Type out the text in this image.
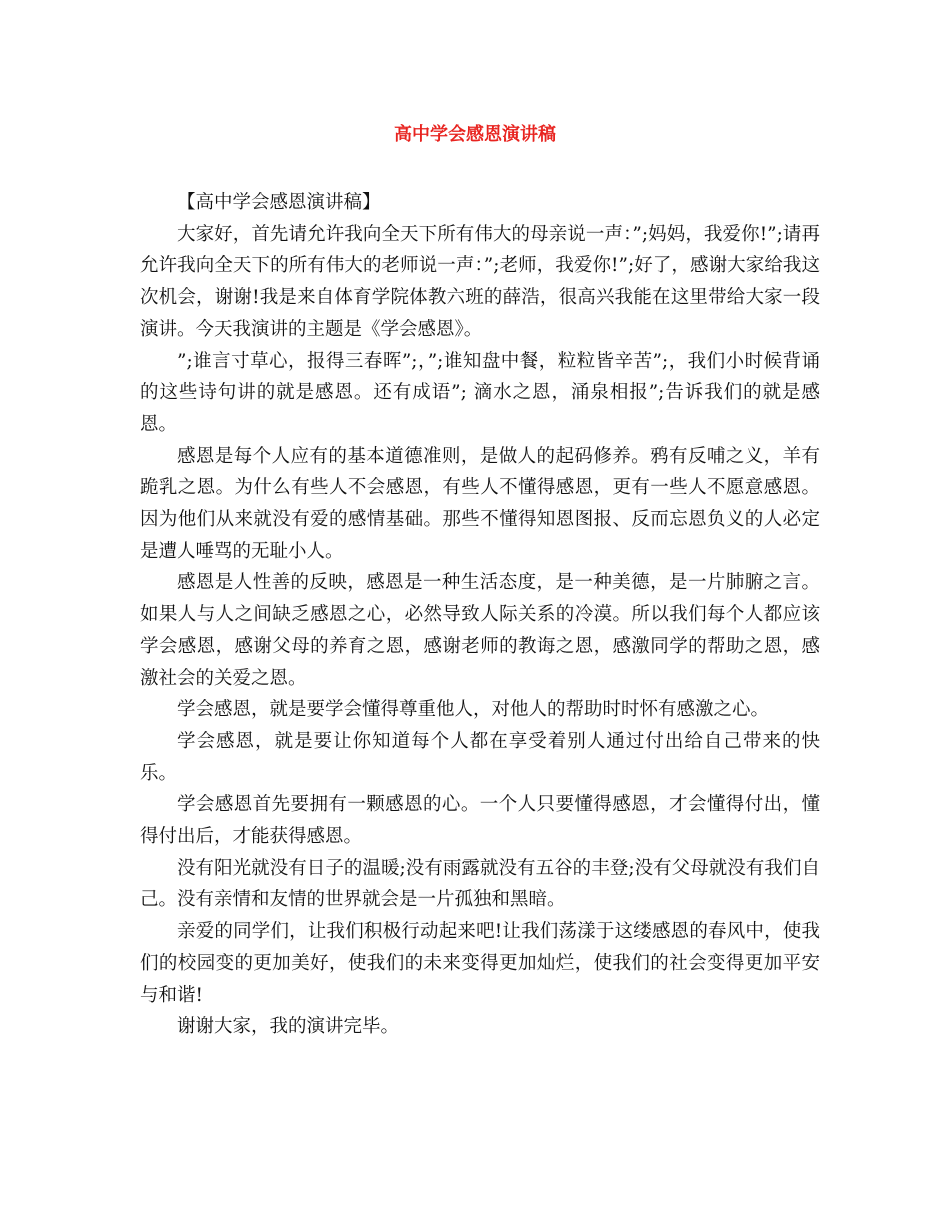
高中学会感恩演讲稿

【高中学会感恩演讲稿】

大家好，首先请允许我向全天下所有伟大的母亲说一声：”;妈妈，我爱你!”;请再允许我向全天下的所有伟大的老师说一声：”;老师，我爱你!”;好了，感谢大家给我这次机会，谢谢!我是来自体育学院体教六班的薛浩，很高兴我能在这里带给大家一段演讲。今天我演讲的主题是《学会感恩》。

”;谁言寸草心，报得三春晖”;，”;谁知盘中餐，粒粒皆辛苦”;，我们小时候背诵的这些诗句讲的就是感恩。还有成语”; 滴水之恩，涌泉相报”;告诉我们的就是感恩。

感恩是每个人应有的基本道德准则，是做人的起码修养。鸦有反哺之义，羊有跪乳之恩。为什么有些人不会感恩，有些人不懂得感恩，更有一些人不愿意感恩。因为他们从来就没有爱的感情基础。那些不懂得知恩图报、反而忘恩负义的人必定是遭人唾骂的无耻小人。

感恩是人性善的反映，感恩是一种生活态度，是一种美德，是一片肺腑之言。如果人与人之间缺乏感恩之心，必然导致人际关系的冷漠。所以我们每个人都应该学会感恩，感谢父母的养育之恩，感谢老师的教诲之恩，感激同学的帮助之恩，感激社会的关爱之恩。

学会感恩，就是要学会懂得尊重他人，对他人的帮助时时怀有感激之心。

学会感恩，就是要让你知道每个人都在享受着别人通过付出给自己带来的快乐。

学会感恩首先要拥有一颗感恩的心。一个人只要懂得感恩，才会懂得付出，懂得付出后，才能获得感恩。

没有阳光就没有日子的温暖;没有雨露就没有五谷的丰登;没有父母就没有我们自己。没有亲情和友情的世界就会是一片孤独和黑暗。

亲爱的同学们，让我们积极行动起来吧!让我们荡漾于这缕感恩的春风中，使我们的校园变的更加美好，使我们的未来变得更加灿烂，使我们的社会变得更加平安与和谐!

谢谢大家，我的演讲完毕。
